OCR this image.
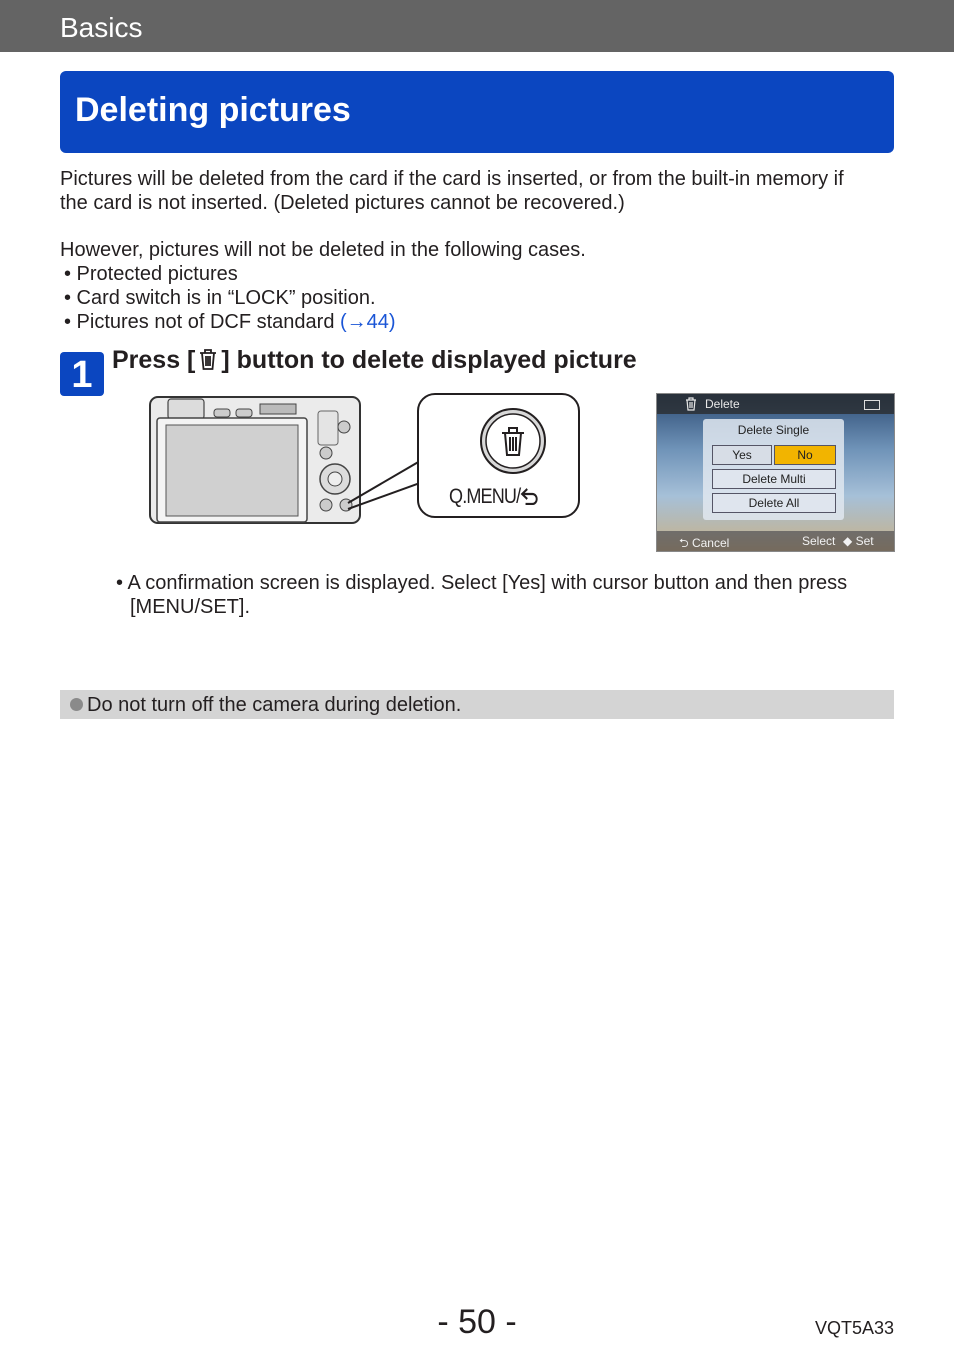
Basics
Deleting pictures
Pictures will be deleted from the card if the card is inserted, or from the built-in memory if
the card is not inserted. (Deleted pictures cannot be recovered.)
However, pictures will not be deleted in the following cases.
• Protected pictures
• Card switch is in “LOCK” position.
• Pictures not of DCF standard (→44)
1 Press [ ] button to delete displayed picture
Q.MENU/
Delete
Delete Single
Yes	No
Delete Multi
Delete All
⮌ Cancel	Select ◆ Set
• A confirmation screen is displayed. Select [Yes] with cursor button and then press
[MENU/SET].
Do not turn off the camera during deletion.
- 50 -	VQT5A33
